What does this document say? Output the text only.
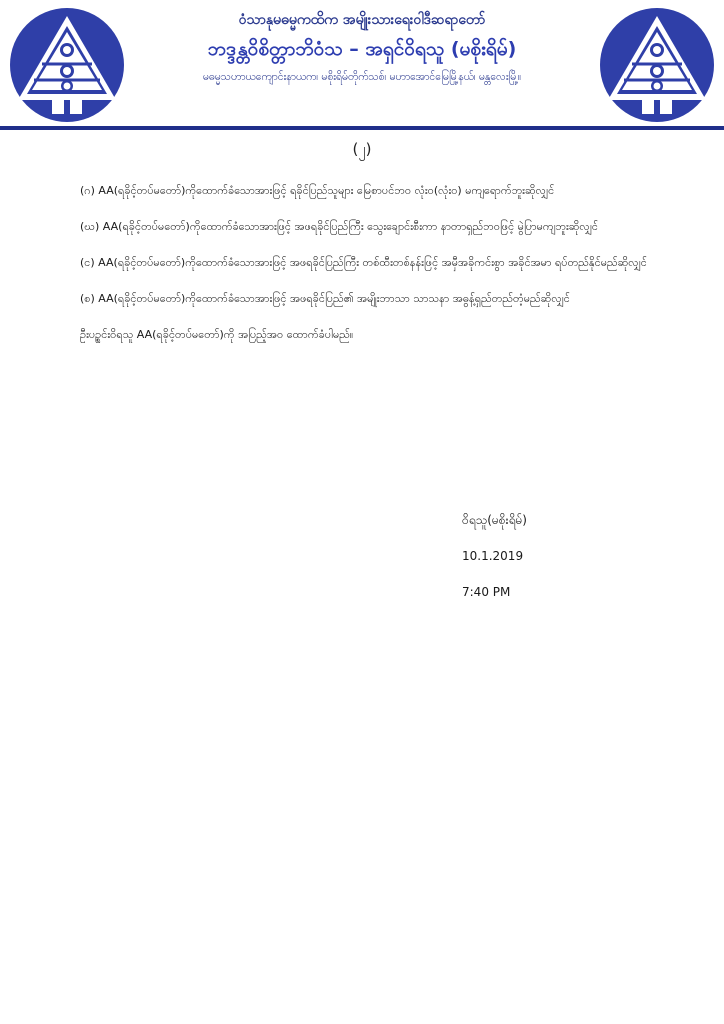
ဝံသာနုမဓမ္မကထိက အမျိုးသားရေးဝါဒီဆရာတော်
ဘဒ္ဒန္တဝိစိတ္တာဘိဝံသ – အရှင်ဝိရသူ (မစိုးရိမ်)
မဓမ္မသဟာယကျောင်းနာယက၊ မစိုးရိမ်တိုက်သစ်၊ မဟာအောင်မြေမြို့နယ်၊ မန္တလေးမြို့။
(၂)

(ဂ) AA(ရခိုင့်တပ်မတော်)ကိုထောက်ခံသောအားဖြင့် ရခိုင်ပြည်သူများ မြေစာပင်ဘဝ လုံးဝ(လုံးဝ) မကျရောက်ဘူးဆိုလျှင်

(ဃ) AA(ရခိုင့်တပ်မတော်)ကိုထောက်ခံသောအားဖြင့် အဖရခိုင်ပြည်ကြီး သွေးချောင်းစီးကာ နာတာရှည်ဘဝဖြင့် မွဲပြာမကျဘူးဆိုလျှင်

(င) AA(ရခိုင့်တပ်မတော်)ကိုထောက်ခံသောအားဖြင့် အဖရခိုင်ပြည်ကြီး တစ်ထီးတစ်နန်းဖြင့် အမှီအခိုကင်းစွာ အခိုင်အမာ ရပ်တည်နိုင်မည်ဆိုလျှင်

(စ) AA(ရခိုင့်တပ်မတော်)ကိုထောက်ခံသောအားဖြင့် အဖရခိုင်ပြည်၏ အမျိုးဘာသာ သာသနာ အဓွန့်ရှည်တည်တံ့မည်ဆိုလျှင်

ဦးပဉ္စင်းဝိရသူ AA(ရခိုင့်တပ်မတော်)ကို အပြည့်အဝ ထောက်ခံပါမည်။

ဝိရသူ(မစိုးရိမ်)
10.1.2019
7:40 PM
